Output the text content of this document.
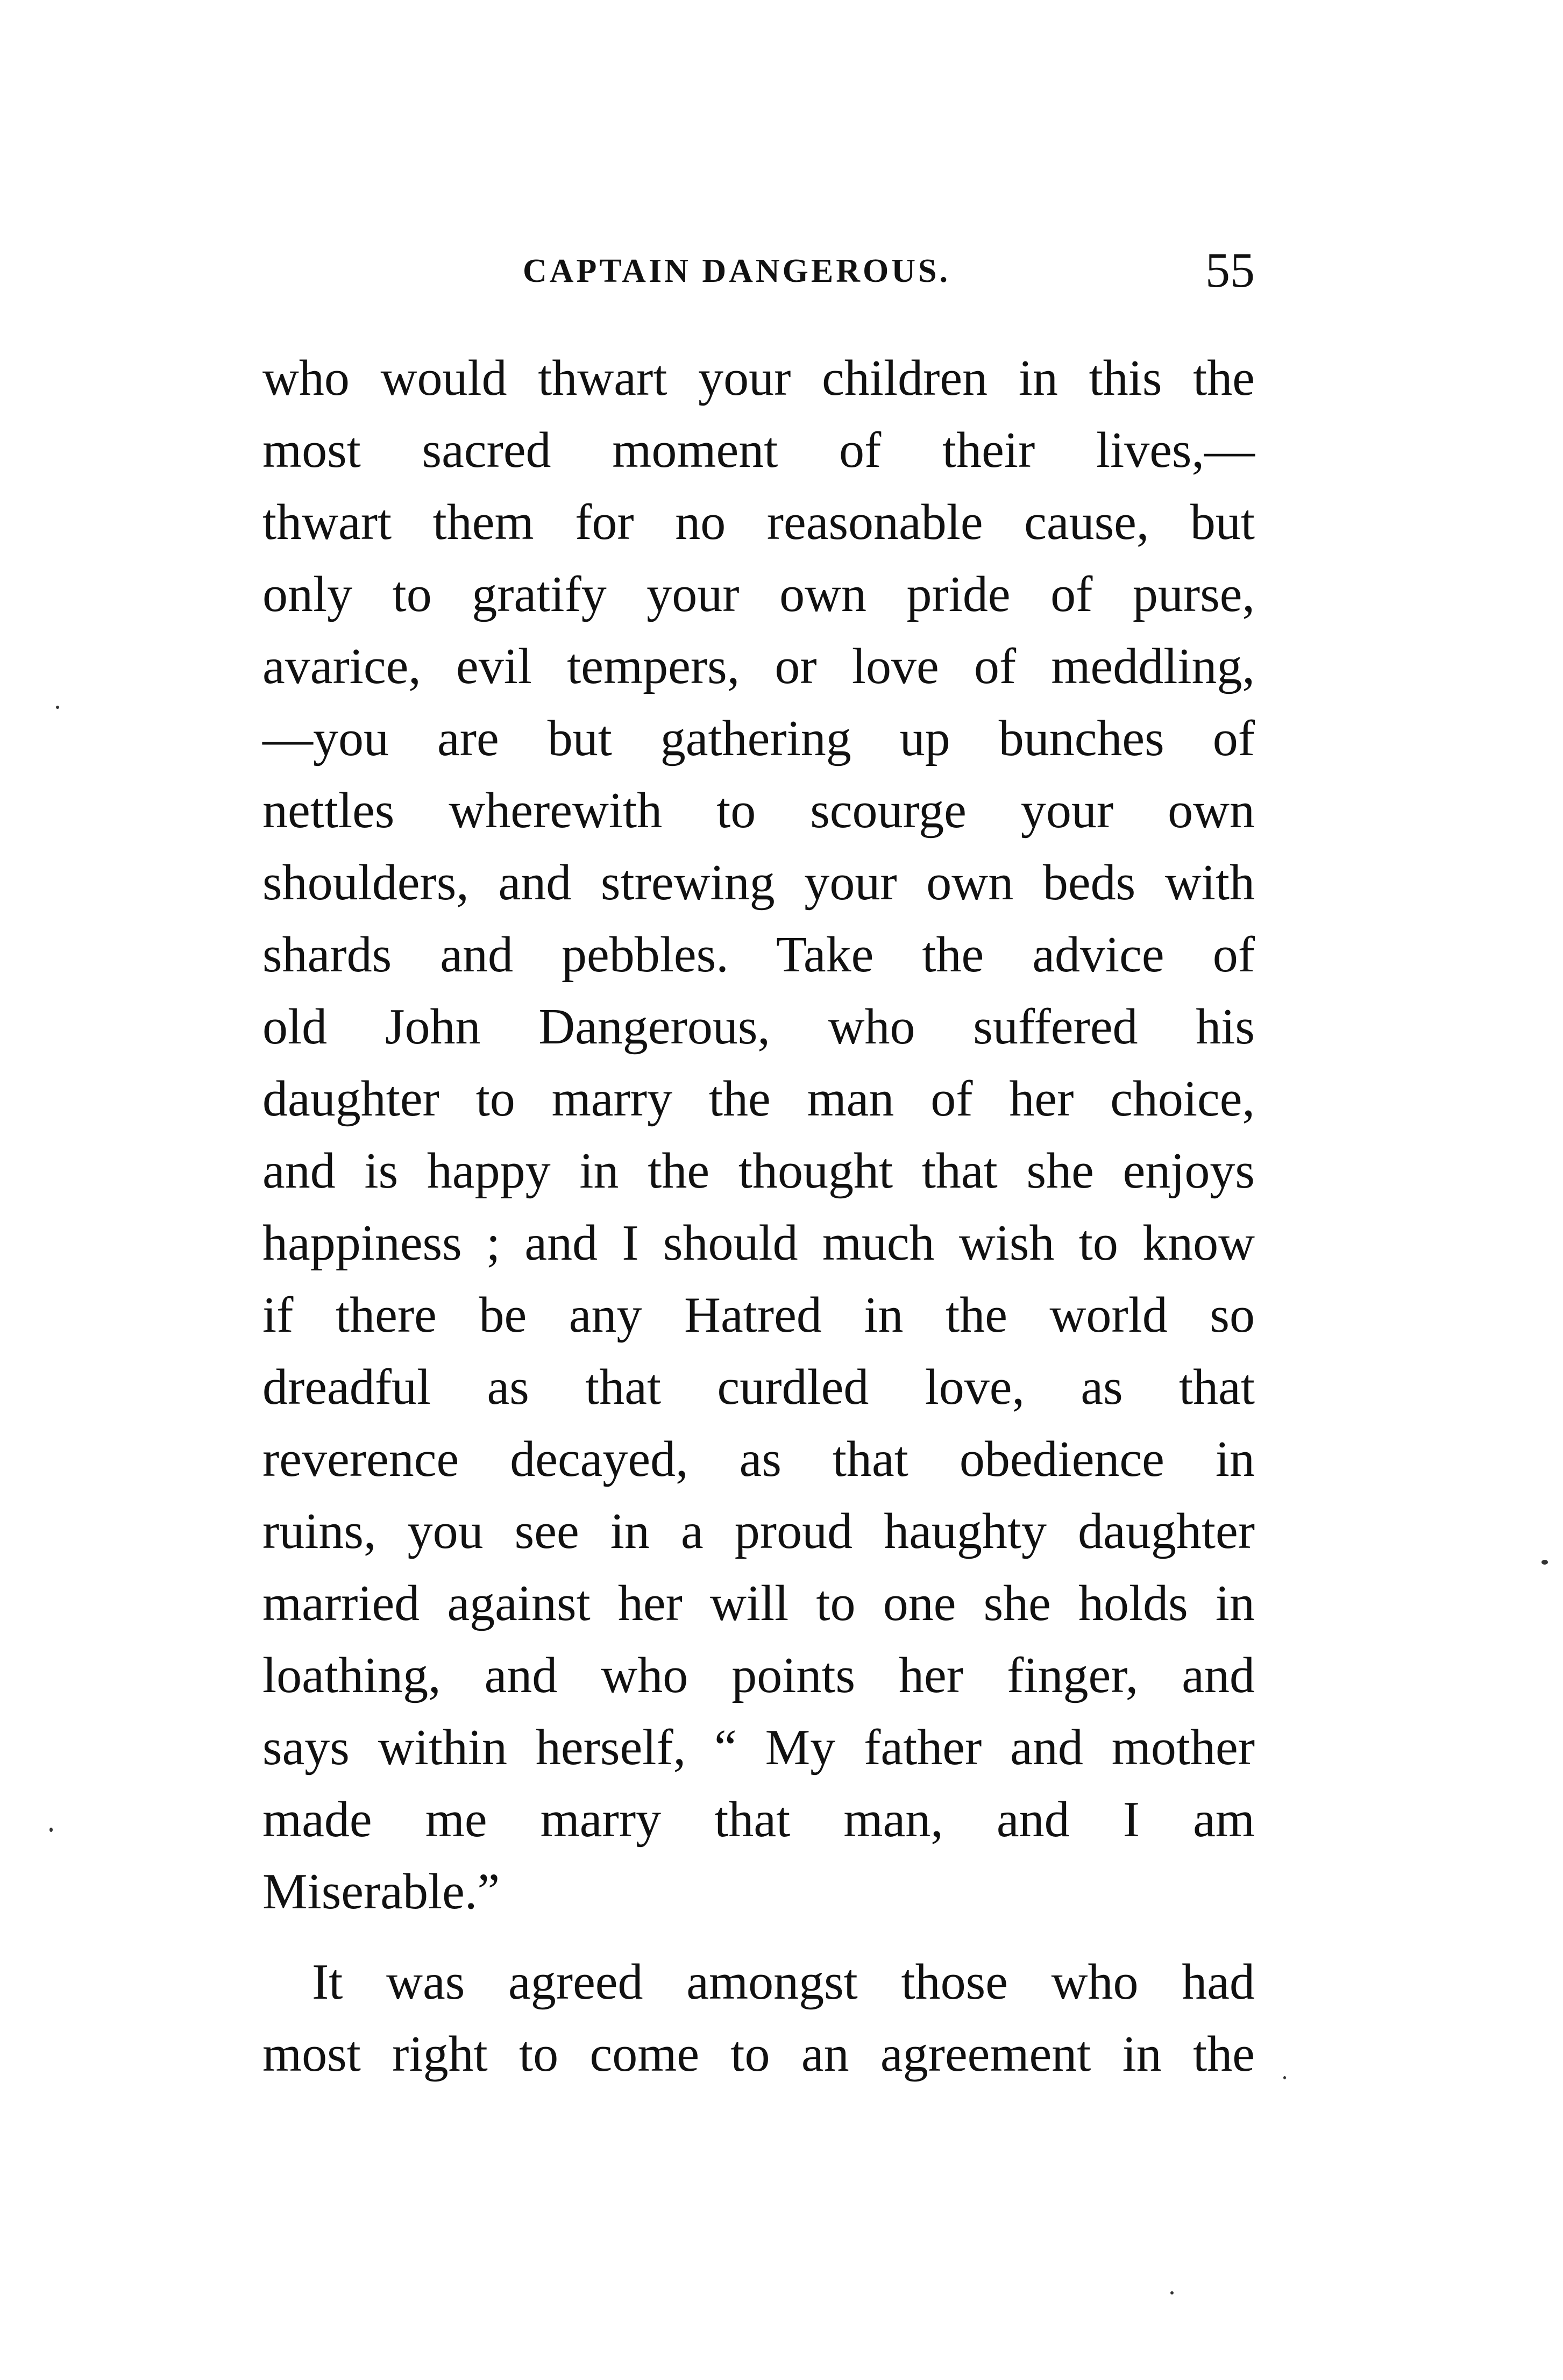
CAPTAIN DANGEROUS.	55
who would thwart your children in this the
most sacred moment of their lives,—
thwart them for no reasonable cause, but
only to gratify your own pride of purse,
avarice, evil tempers, or love of meddling,
—you are but gathering up bunches of
nettles wherewith to scourge your own
shoulders, and strewing your own beds with
shards and pebbles. Take the advice of
old John Dangerous, who suffered his
daughter to marry the man of her choice,
and is happy in the thought that she enjoys
happiness ; and I should much wish to know
if there be any Hatred in the world so
dreadful as that curdled love, as that
reverence decayed, as that obedience in
ruins, you see in a proud haughty daughter
married against her will to one she holds in
loathing, and who points her finger, and
says within herself, “ My father and mother
made me marry that man, and I am
Miserable.”
It was agreed amongst those who had
most right to come to an agreement in the
